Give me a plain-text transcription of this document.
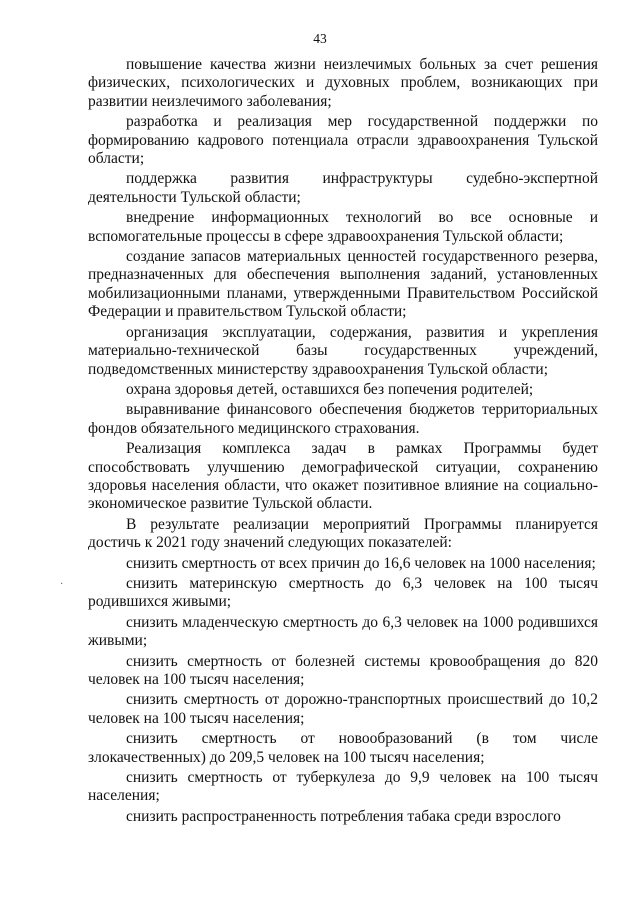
43

повышение качества жизни неизлечимых больных за счет решения физических, психологических и духовных проблем, возникающих при развитии неизлечимого заболевания;

разработка и реализация мер государственной поддержки по формированию кадрового потенциала отрасли здравоохранения Тульской области;

поддержка развития инфраструктуры судебно-экспертной деятельности Тульской области;

внедрение информационных технологий во все основные и вспомогательные процессы в сфере здравоохранения Тульской области;

создание запасов материальных ценностей государственного резерва, предназначенных для обеспечения выполнения заданий, установленных мобилизационными планами, утвержденными Правительством Российской Федерации и правительством Тульской области;

организация эксплуатации, содержания, развития и укрепления материально-технической базы государственных учреждений, подведомственных министерству здравоохранения Тульской области;

охрана здоровья детей, оставшихся без попечения родителей;

выравнивание финансового обеспечения бюджетов территориальных фондов обязательного медицинского страхования.

Реализация комплекса задач в рамках Программы будет способствовать улучшению демографической ситуации, сохранению здоровья населения области, что окажет позитивное влияние на социально-экономическое развитие Тульской области.

В результате реализации мероприятий Программы планируется достичь к 2021 году значений следующих показателей:

снизить смертность от всех причин до 16,6 человек на 1000 населения;

снизить материнскую смертность до 6,3 человек на 100 тысяч родившихся живыми;

снизить младенческую смертность до 6,3 человек на 1000 родившихся живыми;

снизить смертность от болезней системы кровообращения до 820 человек на 100 тысяч населения;

снизить смертность от дорожно-транспортных происшествий до 10,2 человек на 100 тысяч населения;

снизить смертность от новообразований (в том числе злокачественных) до 209,5 человек на 100 тысяч населения;

снизить смертность от туберкулеза до 9,9 человек на 100 тысяч населения;

снизить распространенность потребления табака среди взрослого

·
